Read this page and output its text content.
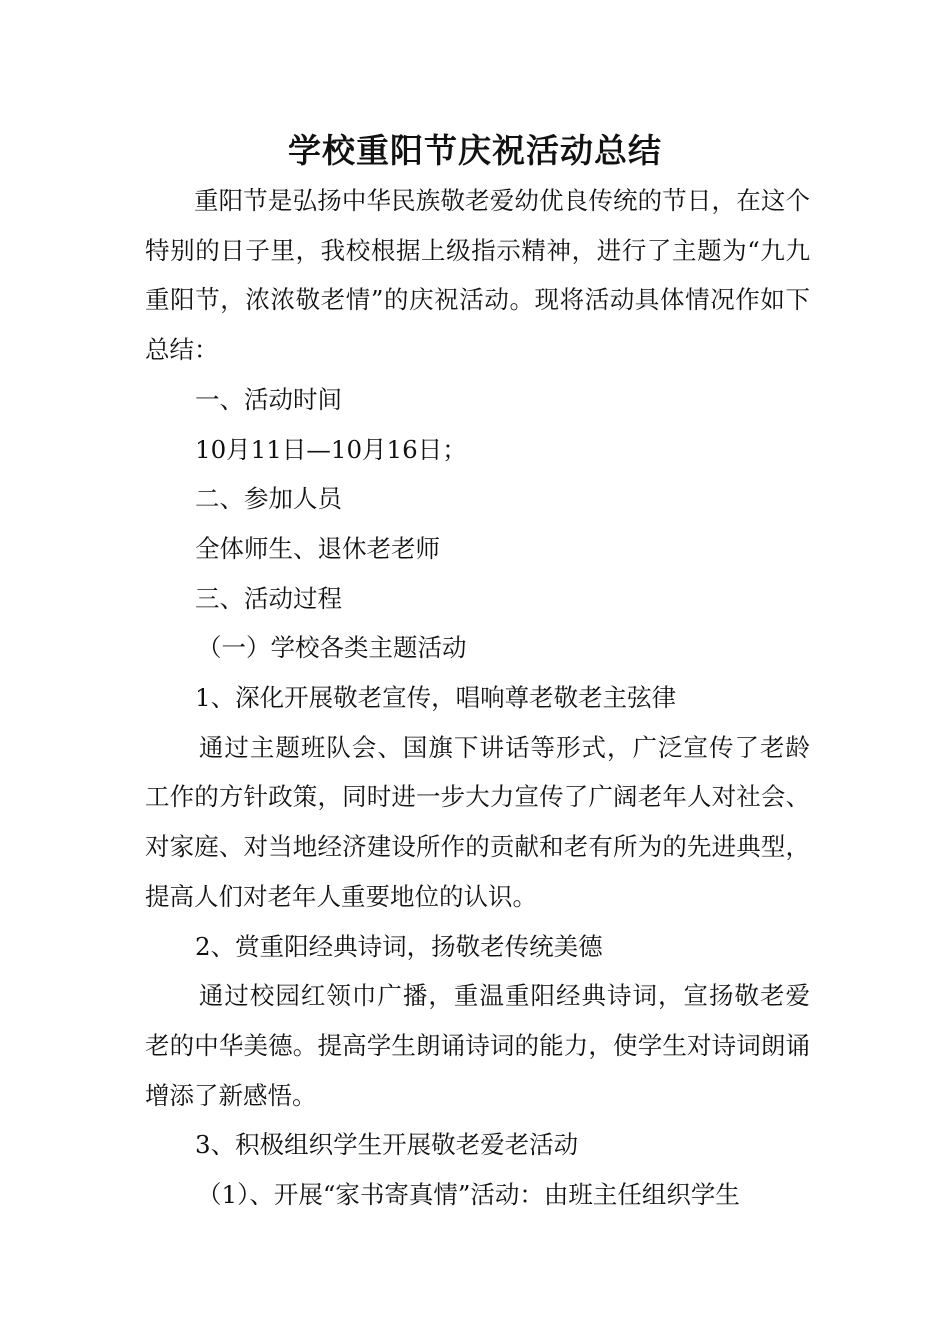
学校重阳节庆祝活动总结

重阳节是弘扬中华民族敬老爱幼优良传统的节日，在这个特别的日子里，我校根据上级指示精神，进行了主题为“九九重阳节，浓浓敬老情”的庆祝活动。现将活动具体情况作如下总结：

一、活动时间

10月11日—10月16日；

二、参加人员

全体师生、退休老老师

三、活动过程

（一）学校各类主题活动

1、深化开展敬老宣传，唱响尊老敬老主弦律

通过主题班队会、国旗下讲话等形式，广泛宣传了老龄工作的方针政策，同时进一步大力宣传了广阔老年人对社会、对家庭、对当地经济建设所作的贡献和老有所为的先进典型，提高人们对老年人重要地位的认识。

2、赏重阳经典诗词，扬敬老传统美德

通过校园红领巾广播，重温重阳经典诗词，宣扬敬老爱老的中华美德。提高学生朗诵诗词的能力，使学生对诗词朗诵增添了新感悟。

3、积极组织学生开展敬老爱老活动

（1）、开展“家书寄真情”活动：由班主任组织学生
